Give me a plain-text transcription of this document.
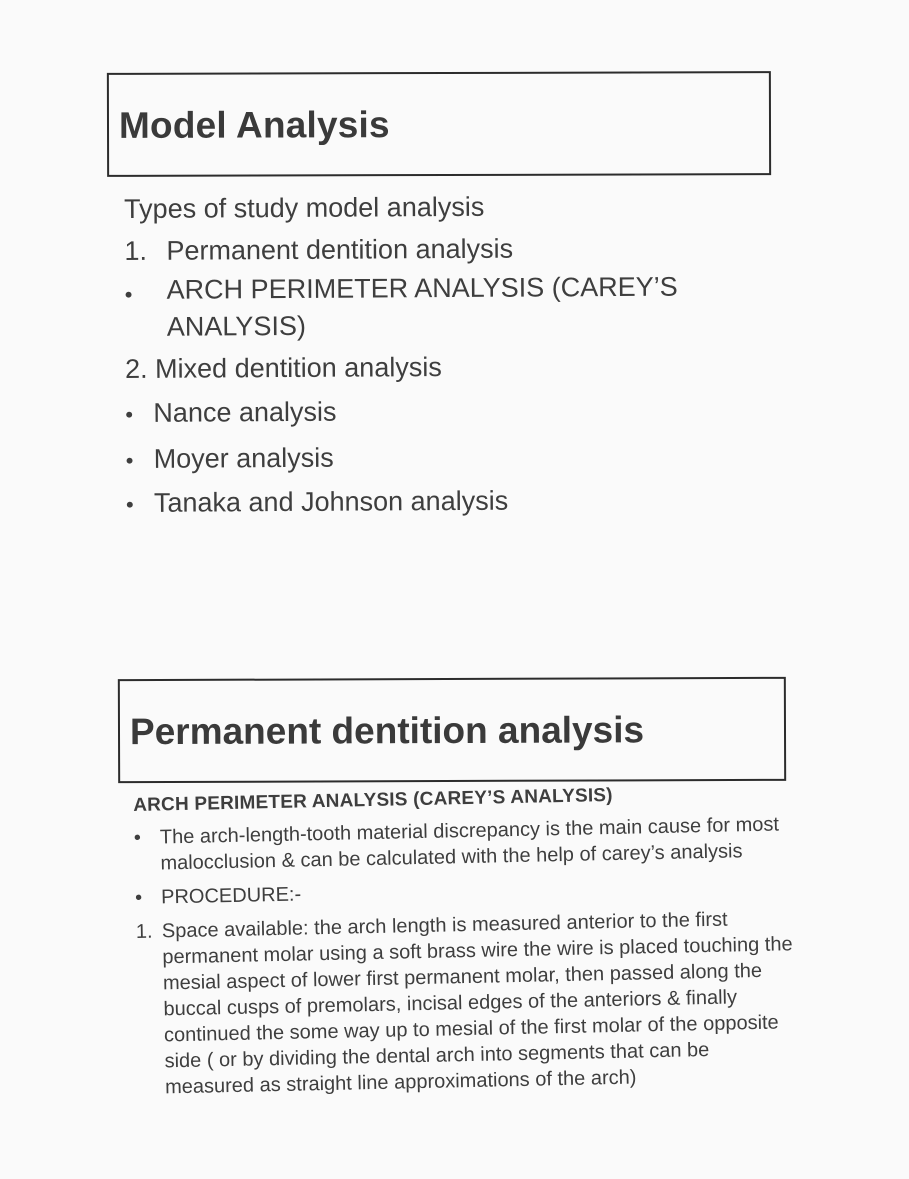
Model Analysis
Types of study model analysis
1. Permanent dentition analysis
• ARCH PERIMETER ANALYSIS (CAREY’S ANALYSIS)
2. Mixed dentition analysis
• Nance analysis
• Moyer analysis
• Tanaka and Johnson analysis
Permanent dentition analysis
ARCH PERIMETER ANALYSIS (CAREY’S ANALYSIS)
• The arch-length-tooth material discrepancy is the main cause for most malocclusion & can be calculated with the help of carey’s analysis
• PROCEDURE:-
1. Space available: the arch length is measured anterior to the first permanent molar using a soft brass wire the wire is placed touching the mesial aspect of lower first permanent molar, then passed along the buccal cusps of premolars, incisal edges of the anteriors & finally continued the some way up to mesial of the first molar of the opposite side ( or by dividing the dental arch into segments that can be measured as straight line approximations of the arch)
